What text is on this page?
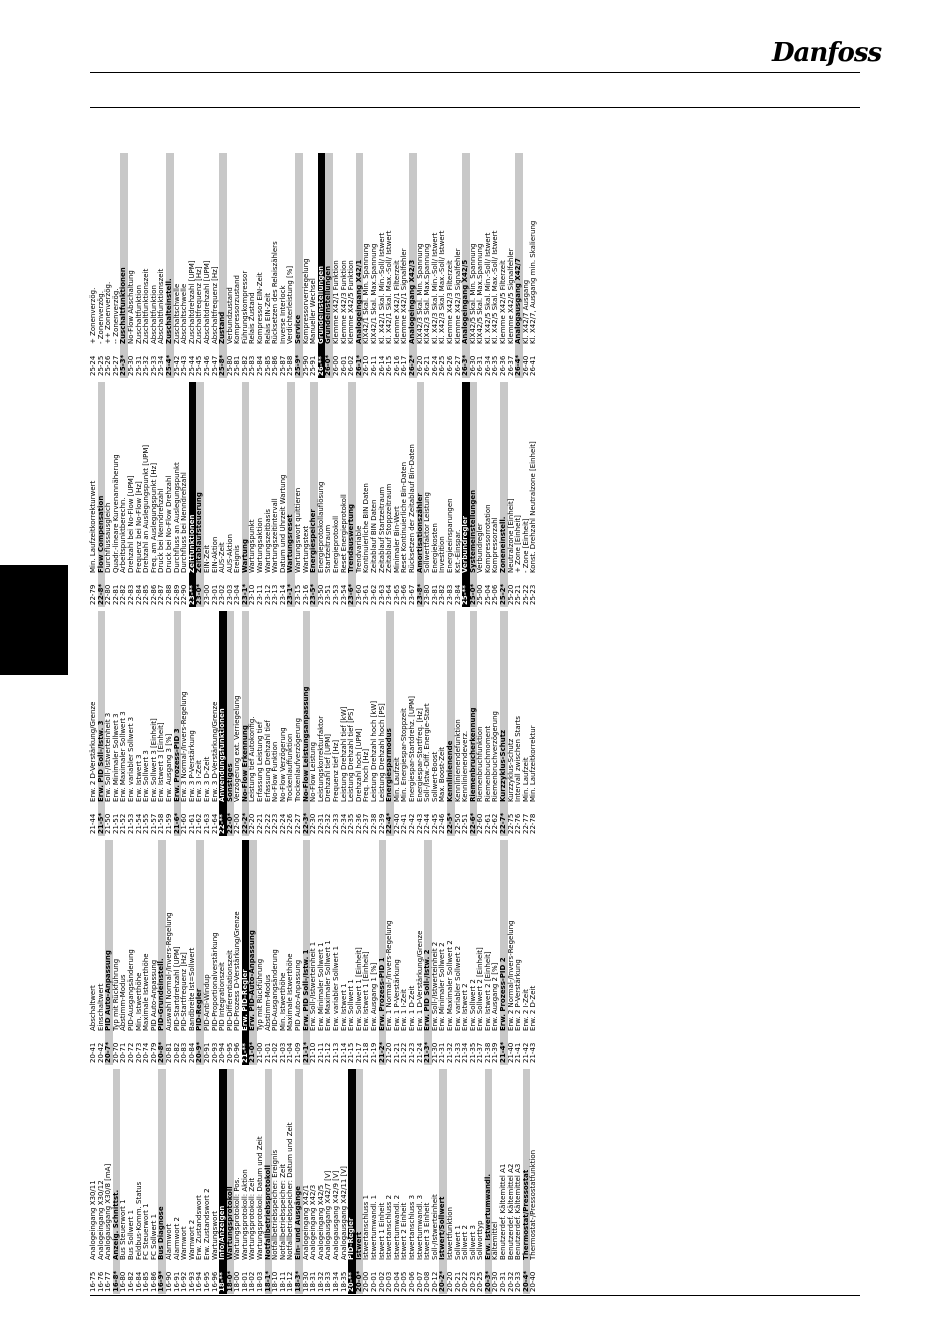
Danfoss
16-75
Analogeingang X30/11
16-76
Analogeingang X30/12
16-77
Analogausgang X30/8 [mA]
16-8*
Anzeig. Schnittst.
16-80
Bus Steuerwort 1
16-82
Bus Sollwert 1
16-84
Feldbus-Komm. Status
16-85
FC Steuerwort 1
16-86
FC Sollwert 1
16-9*
Bus Diagnose
16-90
Alarmwort
16-91
Alarmwort 2
16-92
Warnwort
16-93
Warnwort 2
16-94
Erw. Zustandswort
16-95
Erw. Zustandswort 2
16-96
Wartungswort
18-**
Info/Anzeigen
18-0*
Wartungsprotokoll
18-00
Wartungsprotokoll: Pos.
18-01
Wartungsprotokoll: Aktion
18-02
Wartungsprotokoll: Zeit
18-03
Wartungsprotokoll: Datum und Zeit
18-1*
Notfallbetriebsprotokoll
18-10
Notfallbetriebspeicher: Ereignis
18-11
Notfallbetriebspeicher: Zeit
18-12
Notfallbetriebspeicher: Datum und Zeit
18-3*
Ein- und Ausgänge
18-30
Analogeingang X42/1
18-31
Analogeingang X42/3
18-32
Analogeingang X42/5
18-33
Analogausgang X42/7 [V]
18-34
Analogausgang X42/9 [V]
18-35
Analogausgang X42/11 [V]
20-**
PID-Regler
20-0*
Istwert
20-00
Istwertanschluss 1
20-01
Istwertumwandl. 1
20-02
Istwert 1 Einheit
20-03
Istwertanschluss 2
20-04
Istwertumwandl. 2
20-05
Istwert 2 Einheit
20-06
Istwertanschluss 3
20-07
Istwertumwandl. 3
20-08
Istwert 3 Einheit
20-12
Soll-/Istwerteinheit
20-2*
Istwert/Sollwert
20-20
Istwertfunktion
20-21
Sollwert 1
20-22
Sollwert 2
20-23
Sollwert 3
20-25
Sollworttyp
20-3*
Erw. Istwertumwandl.
20-30
Kältemittel
20-31
Benutzerdef. Kältemittel A1
20-32
Benutzerdef. Kältemittel A2
20-33
Benutzerdef. Kältemittel A3
20-4*
Thermostat/Pressostat
20-40
Thermostat-/Pressostatfunktion
20-41
Abschaltwert
20-42
Einschaltwert
20-7*
PID Auto-Anpassung
20-70
Typ mit Rückführung
20-71
Abstimm-Modus
20-72
PID-Ausgangsänderung
20-73
Min. Istwerthöhe
20-74
Maximale Istwerthöhe
20-79
PID Auto-Anpassung
20-8*
PID-Grundeinstell.
20-81
Auswahl Normal-/Invers-Regelung
20-82
PID-Startdrehzahl [UPM]
20-83
PID-Startfrequenz [Hz]
20-84
Bandbreite Ist=Sollwert
20-9*
PID-Regler
20-91
PID-Anti-Windup
20-93
PID-Proportionalverstärkung
20-94
PID Integrationszeit
20-95
PID-Differentiationszeit
20-96
PID-Prozess D-Verstärkung/Grenze
21-**
Erw. PID-Regler
21-0*
Erw. PID-Auto-Anpassung
21-00
Typ mit Rückführung
21-01
Abstimm-Modus
21-02
PID-Ausgangsänderung
21-03
Min. Istwerthöhe
21-04
Maximale Istwerthöhe
21-09
PID Auto-Anpassung
21-1*
Erw. PID Soll-/Istw. 1
21-10
Erw. Soll-/Istwerteinheit 1
21-11
Erw. Minimaler Sollwert 1
21-12
Erw. Maximaler Sollwert 1
21-13
Erw. variabler Sollwert 1
21-14
Erw. Istwert 1
21-15
Erw. Sollwert 1
21-17
Erw. Sollwert 1 [Einheit]
21-18
Erw. Istwert 1 [Einheit]
21-19
Erw. Ausgang 1 [%]
21-2*
Erw. Prozess-PID 1
21-20
Erw. 1 Normal-/Invers-Regelung
21-21
Erw. 1 P-Verstärkung
21-22
Erw. 1 I-Zeit
21-23
Erw. 1 D-Zeit
21-24
Erw. 1 D-Verstärkung/Grenze
21-3*
Erw. PID Soll-/Istw. 2
21-30
Erw. Soll-/Istwerteinheit 2
21-31
Erw. Minimaler Sollwert 2
21-32
Erw. Maximaler Sollwert 2
21-33
Erw. variabler Sollwert 2
21-34
Erw. Istwert 2
21-35
Erw. Sollwert 2
21-37
Erw. Sollwert 2 [Einheit]
21-38
Erw. Istwert 2 [Einheit]
21-39
Erw. Ausgang 2 [%]
21-4*
Erw. Prozess-PID 2
21-40
Erw. 2 Normal-/Invers-Regelung
21-41
Erw. 2 P-Verstärkung
21-42
Erw. 2 I-Zeit
21-43
Erw. 2 D-Zeit
21-44
Erw. 2 D-Verstärkung/Grenze
21-5*
Erw. PID Soll-/Istw. 3
21-50
Erw. Soll-/Istwerteinheit 3
21-51
Erw. Minimaler Sollwert 3
21-52
Erw. Maximaler Sollwert 3
21-53
Erw. variabler Sollwert 3
21-54
Erw. Istwert 3
21-55
Erw. Sollwert 3
21-57
Erw. Sollwert 3 [Einheit]
21-58
Erw. Istwert 3 [Einheit]
21-59
Erw. Ausgang 3 [%]
21-6*
Erw. Prozess-PID 3
21-60
Erw. 3 Normal-/Invers-Regelung
21-61
Erw. 3 P-Verstärkung
21-62
Erw. 3 I-Zeit
21-63
Erw. 3 D-Zeit
21-64
Erw. 3 D-Verstärkung/Grenze
22-**
Anwendungsfunktionen
22-0*
Sonstiges
22-00
Verzögerung ext. Verriegelung
22-2*
No-Flow Erkennung
22-20
Leistung tief Autokonfig.
22-21
Erfassung Leistung tief
22-22
Erfassung Drehzahl tief
22-23
No-Flow Funktion
22-24
No-Flow Verzögerung
22-26
Trockenlauffunktion
22-27
Trockenlaufverzögerung
22-3*
No-Flow Leistungsanpassung
22-30
No-Flow Leistung
22-31
Leistungskorrekturfaktor
22-32
Drehzahl tief [UPM]
22-33
Frequenz tief [Hz]
22-34
Leistung Drehzahl tief [kW]
22-35
Leistung Drehzahl tief [PS]
22-36
Drehzahl hoch [UPM]
22-37
Freq. hoch [Hz]
22-38
Leistung Drehzahl hoch [kW]
22-39
Leistung Drehzahl hoch [PS]
22-4*
Energiesparmodus
22-40
Min. Laufzeit
22-41
Min. Energiespar-Stoppzeit
22-42
Energiespar-Startdrehz. [UPM]
22-43
Energiespar-Startfreq. [Hz]
22-44
Soll-/Istw.-Diff. Energie-Start
22-45
Sollwert-Boost
22-46
Max. Boost-Zeit
22-5*
Kennlinienende
22-50
Kennlinienendefunktion
22-51
Kennlinienendeverz.
22-6*
Riemenbrucherkennung
22-60
Riemenbruchfunktion
22-61
Riemenbruchmoment
22-62
Riemenbruchverzögerung
22-7*
Kurzzyklus-Schutz
22-75
Kurzzyklus-Schutz
22-76
Intervall zwischen Starts
22-77
Min. Laufzeit
22-78
Min. Laufzeitkorrektur
22-79
Min. Laufzeitkorrekturwert
22-8*
Flow Compensation
22-80
Durchflussausgleich
22-81
Quadr.-lineare Kurvenannäherung
22-82
Arbeitspunktberechn.
22-83
Drehzahl bei No-Flow [UPM]
22-84
Frequenz bei No-Flow [Hz]
22-85
Drehzahl an Auslegungspunkt [UPM]
22-86
Freq. am Auslegungspunkt [Hz]
22-87
Druck bei Nenndrehzahl
22-88
Druck bei No-Flow Drehzahl
22-89
Durchfluss an Auslegungspunkt
22-90
Durchfluss bei Nenndrehzahl
23-**
Zeitfunktionen
23-0*
Zeitablaufsteuerung
23-00
EIN-Zeit
23-01
EIN-Aktion
23-02
AUS-Zeit
23-03
AUS-Aktion
23-04
Ereignis
23-1*
Wartung
23-10
Wartungspunkt
23-11
Wartungsaktion
23-12
Wartungszeitbasis
23-13
Wartungszeitintervall
23-14
Datum und Uhrzeit Wartung
23-1*
Wartungsreset
23-15
Wartungswort quittieren
23-16
Wartungstext
23-5*
Energiespeicher
23-50
Energieprotokollauflösung
23-51
Startzeitraum
23-53
Energieprotokoll
23-54
Reset Energieprotokoll
23-6*
Trendauswertung
23-60
Trendvariable
23-61
Kontinuierliche BIN Daten
23-62
Zeitablauf BIN Daten
23-63
Zeitablauf Startzeitraum
23-64
Zeitablauf Stoppzeitraum
23-65
Minimaler Bin-Wert
23-66
Reset Kontinuierliche Bin-Daten
23-67
Rücksetzen der Zeitablauf Bin-Daten
23-8*
Amortisationszähler
23-80
Sollwertfaktor Leistung
23-81
Energiekosten
23-82
Investition
23-83
Energieeinsparungen
23-84
Kst.-Einspar.
25-**
Verbundregler
25-0*
Systemeinstellungen
25-00
Verbundregler
25-04
Kompressorrotation
25-06
Kompressorzahl
25-2*
Zoneneinstell.
25-20
Neutralzone [Einheit]
25-21
+ Zone [Einheit]
25-22
- Zone [Einheit]
25-23
Konst. Drehzahl Neutralzone [Einheit]
25-24
+ Zonenverzög.
25-25
- Zonenverzög.
25-26
++ Zonenverzög.
25-27
-- Zonenverzög.
25-3*
Zuschaltfunktionen
25-30
No-Flow Abschaltung
25-31
Zuschaltfunktion
25-32
Zuschaltfunktionszeit
25-33
Abschaltfunktion
25-34
Abschaltfunktionszeit
25-4*
Zuschalteinstell.
25-42
Zuschaltschwelle
25-43
Abschaltschwelle
25-44
Zuschaltdrehzahl [UPM]
25-45
Zuschaltfrequenz [Hz]
25-46
Abschaltdrehzahl [UPM]
25-47
Abschaltfrequenz [Hz]
25-8*
Zustand
25-80
Verbundzustand
25-81
Kompressorzustand
25-82
Führungskompressor
25-83
Relais Zustand
25-84
Kompressor EIN-Zeit
25-85
Relais EIN-Zeit
25-86
Rücksetzen des Relaiszählers
25-87
Inverse Interlock
25-88
Verdichterleistung [%]
25-9*
Service
25-90
Kompressorverriegelung
25-91
Manueller Wechsel
26-**
Grundeinstellungen
26-0*
Grundeinstellungen
26-00
Klemme X42/1 Funktion
26-01
Klemme X42/3 Funktion
26-02
Klemme X42/5 Funktion
26-1*
Analogeingang X42/1
26-10
KlX42/1 Skal. Min. Spannung
26-11
KlX42/1 Skal. Max.Spannung
26-14
Kl. X42/1 Skal. Min.-Soll/ Istwert
26-15
Kl. X42/1 Skal. Max.-Soll/ Istwert
26-16
Klemme X42/1 Filterzeit
26-17
Klemme X42/1 Signalfehler
26-2*
Analogeingang X42/3
26-20
KlX42/3 Skal. Min. Spannung
26-21
KlX42/3 Skal. Max.Spannung
26-24
Kl. X42/3 Skal. Min.-Soll/ Istwert
26-25
Kl. X42/3 Skal. Max.-Soll/ Istwert
26-26
Klemme X42/3 Filterzeit
26-27
Klemme X42/3 Signalfehler
26-3*
Analogeingang X42/5
26-30
KlX42/5 Skal. Min. Spannung
26-31
KlX42/5 Skal. Max.Spannung
26-34
Kl. X42/5 Skal. Min.-Soll/ Istwert
26-35
Kl. X42/5 Skal. Max.-Soll/ Istwert
26-36
Klemme X42/5 Filterzeit
26-37
Klemme X42/5 Signalfehler
26-4*
Analogausgang X42/7
26-40
Kl. X42/7 Ausgang
26-41
Kl. X42/7, Ausgang min. Skalierung
